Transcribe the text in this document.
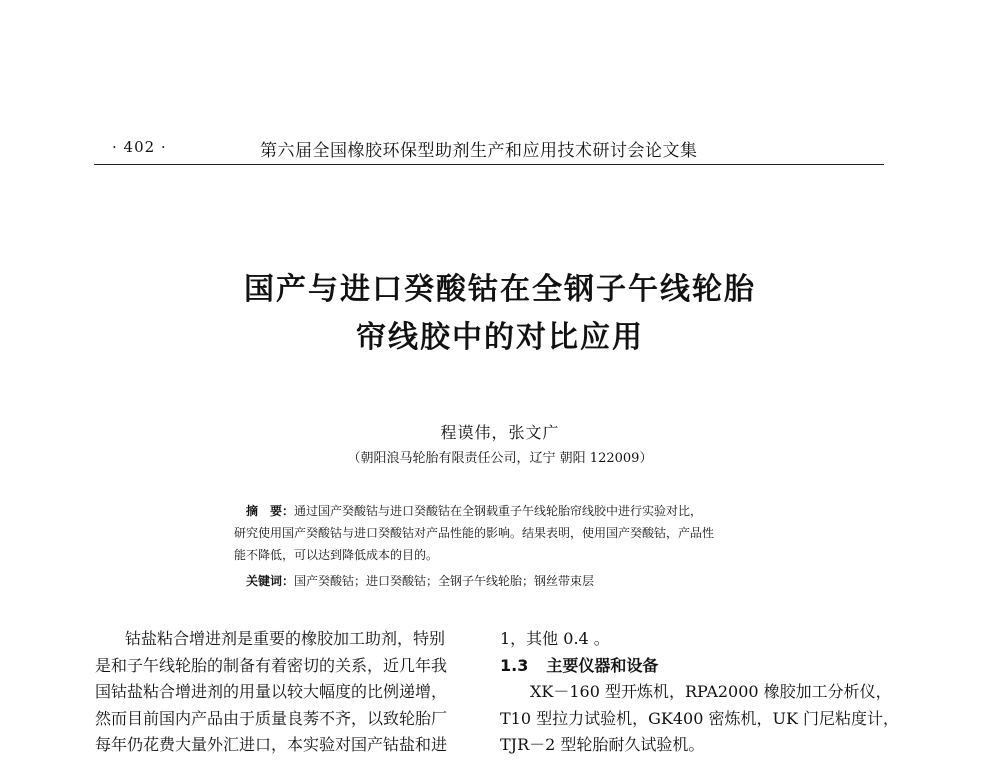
· 402 ·	第六届全国橡胶环保型助剂生产和应用技术研讨会论文集
国产与进口癸酸钴在全钢子午线轮胎
帘线胶中的对比应用
程谟伟，张文广
（朝阳浪马轮胎有限责任公司，辽宁 朝阳 122009）

摘　要：通过国产癸酸钴与进口癸酸钴在全钢载重子午线轮胎帘线胶中进行实验对比，

研究使用国产癸酸钴与进口癸酸钴对产品性能的影响。结果表明，使用国产癸酸钴，产品性

能不降低，可以达到降低成本的目的。

关键词：国产癸酸钴；进口癸酸钴；全钢子午线轮胎；钢丝带束层

钴盐粘合增进剂是重要的橡胶加工助剂，特别

是和子午线轮胎的制备有着密切的关系，近几年我

国钴盐粘合增进剂的用量以较大幅度的比例递增，

然而目前国内产品由于质量良莠不齐，以致轮胎厂

每年仍花费大量外汇进口，本实验对国产钴盐和进

1，其他 0.4 。

1.3 主要仪器和设备

XK－160 型开炼机，RPA2000 橡胶加工分析仪，

T10 型拉力试验机，GK400 密炼机，UK 门尼粘度计，

TJR－2 型轮胎耐久试验机。
